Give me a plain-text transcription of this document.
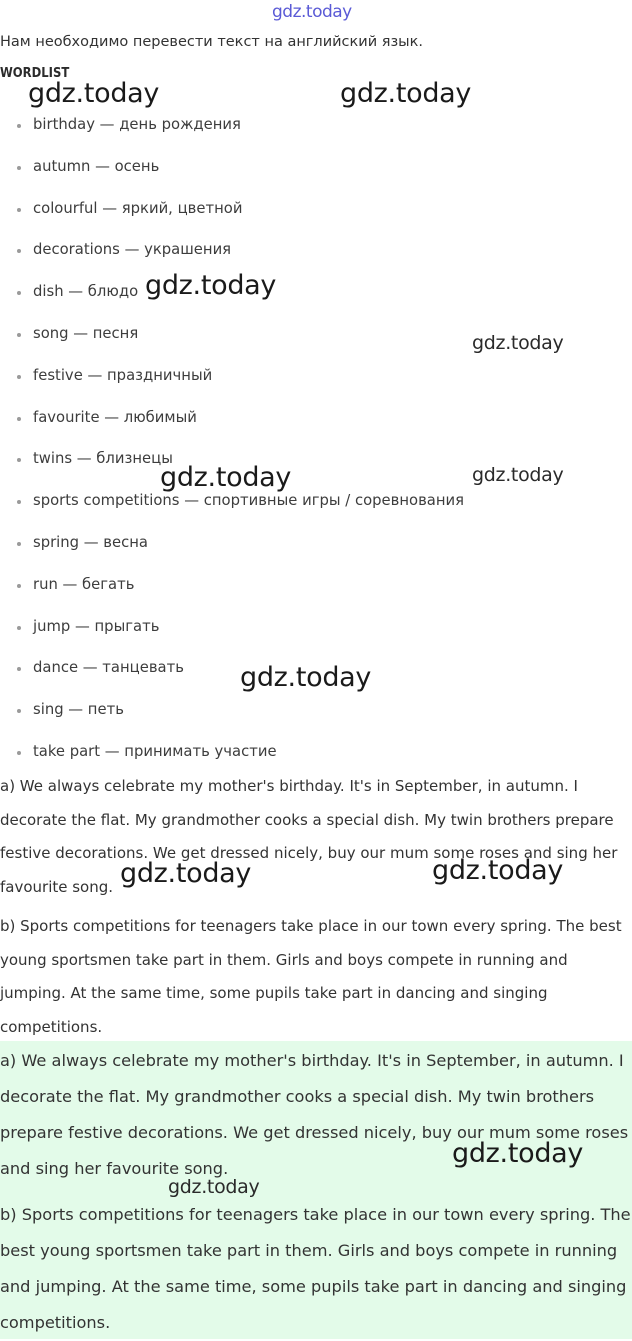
gdz.today
Нам необходимо перевести текст на английский язык.
WORDLIST
birthday — день рождения
autumn — осень
colourful — яркий, цветной
decorations — украшения
dish — блюдо
song — песня
festive — праздничный
favourite — любимый
twins — близнецы
sports competitions — спортивные игры / соревнования
spring — весна
run — бегать
jump — прыгать
dance — танцевать
sing — петь
take part — принимать участие

a) We always celebrate my mother's birthday. It's in September, in autumn. I decorate the flat. My grandmother cooks a special dish. My twin brothers prepare festive decorations. We get dressed nicely, buy our mum some roses and sing her favourite song.

b) Sports competitions for teenagers take place in our town every spring. The best young sportsmen take part in them. Girls and boys compete in running and jumping. At the same time, some pupils take part in dancing and singing competitions.

a) We always celebrate my mother's birthday. It's in September, in autumn. I decorate the flat. My grandmother cooks a special dish. My twin brothers prepare festive decorations. We get dressed nicely, buy our mum some roses and sing her favourite song.

b) Sports competitions for teenagers take place in our town every spring. The best young sportsmen take part in them. Girls and boys compete in running and jumping. At the same time, some pupils take part in dancing and singing competitions.

gdz.today	gdz.today
gdz.today
gdz.today
gdz.today	gdz.today
gdz.today
gdz.today	gdz.today
gdz.today
gdz.today
